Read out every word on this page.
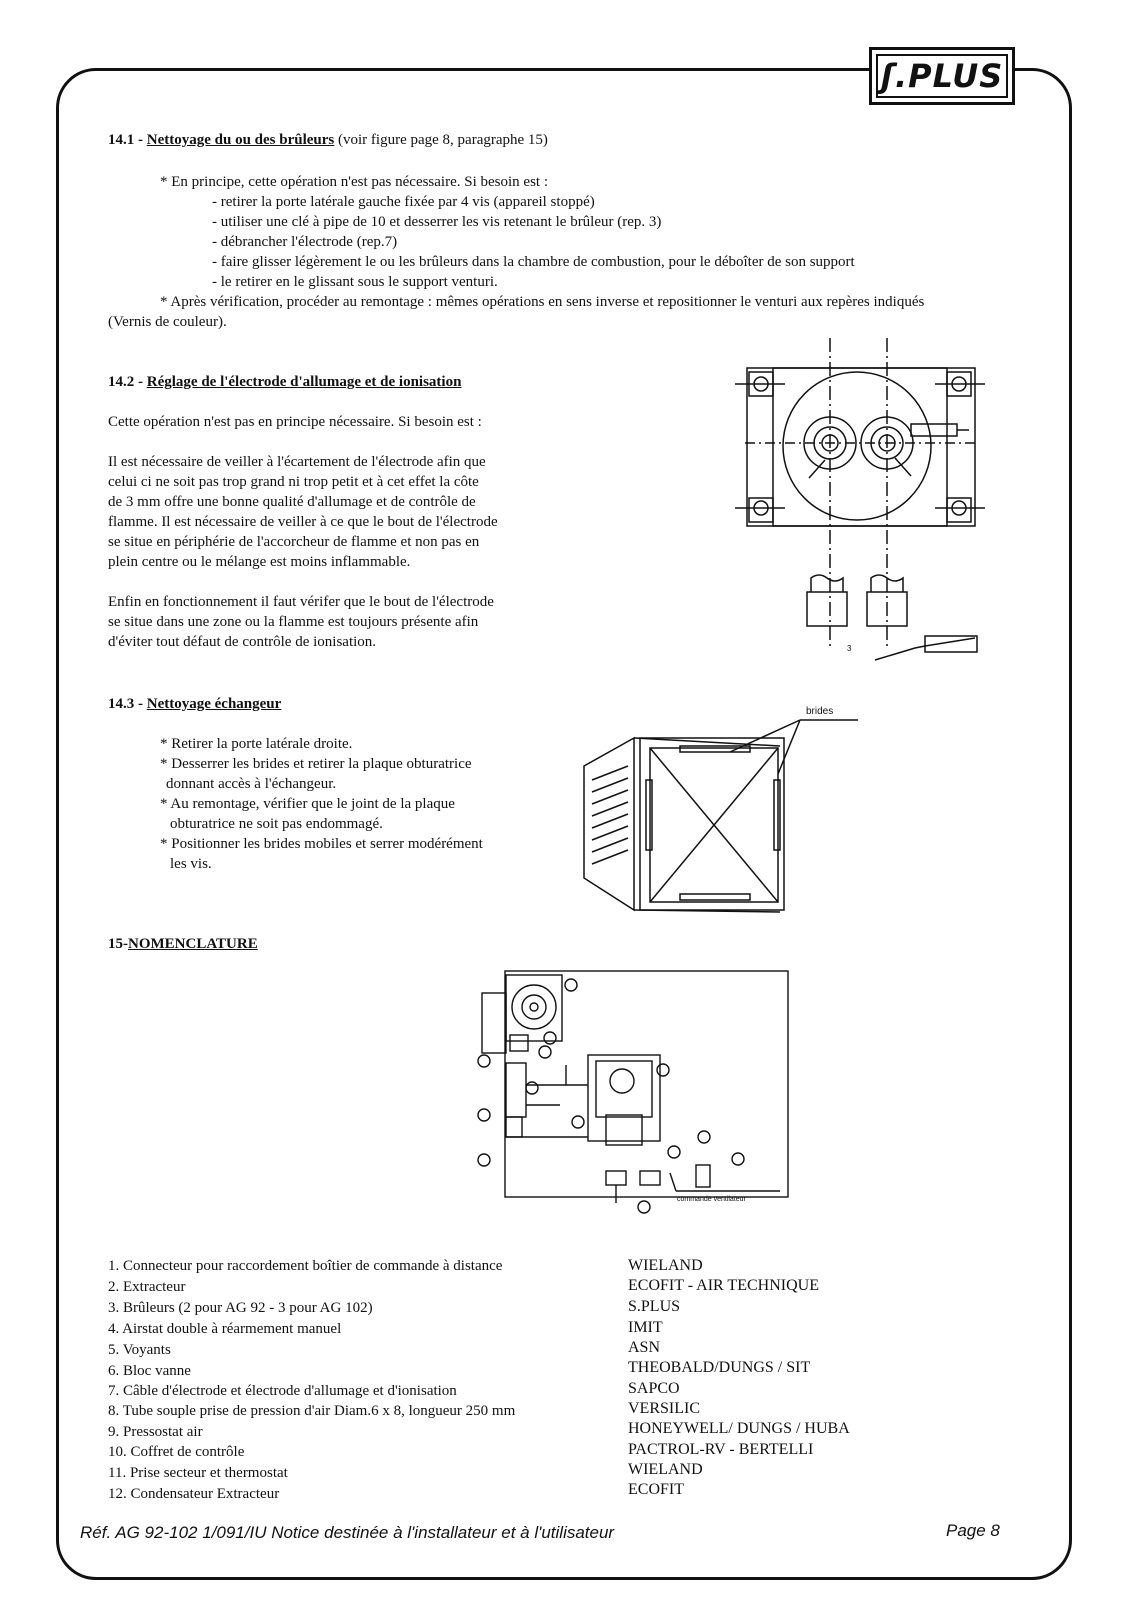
ʃ.PLUS
14.1 - Nettoyage du ou des brûleurs (voir figure page 8, paragraphe 15)
* En principe, cette opération n'est pas nécessaire. Si besoin est :
- retirer la porte latérale gauche fixée par 4 vis (appareil stoppé)
- utiliser une clé à pipe de 10 et desserrer les vis retenant le brûleur (rep. 3)
- débrancher l'électrode (rep.7)
- faire glisser légèrement le ou les brûleurs dans la chambre de combustion, pour le déboîter de son support
- le retirer en le glissant sous le support venturi.
* Après vérification, procéder au remontage : mêmes opérations en sens inverse et repositionner le venturi aux repères indiqués
(Vernis de couleur).
14.2 - Réglage de l'électrode d'allumage et de ionisation
Cette opération n'est pas en principe nécessaire. Si besoin est :
Il est nécessaire de veiller à l'écartement de l'électrode afin que
celui ci ne soit pas trop grand ni trop petit et à cet effet la côte
de 3 mm offre une bonne qualité d'allumage et de contrôle de
flamme. Il est nécessaire de veiller à ce que le bout de l'électrode
se situe en périphérie de l'accorcheur de flamme et non pas en
plein centre ou le mélange est moins inflammable.
Enfin en fonctionnement il faut vérifer que le bout de l'électrode
se situe dans une zone ou la flamme est toujours présente afin
d'éviter tout défaut de contrôle de ionisation.	3
14.3 - Nettoyage échangeur
* Retirer la porte latérale droite.
* Desserrer les brides et retirer la plaque obturatrice
donnant accès à l'échangeur.
* Au remontage, vérifier que le joint de la plaque
obturatrice ne soit pas endommagé.
* Positionner les brides mobiles et serrer modérément
les vis.
brides
15-NOMENCLATURE
commande ventilateur
1. Connecteur pour raccordement boîtier de commande à distance	WIELAND
2. Extracteur	ECOFIT - AIR TECHNIQUE
3. Brûleurs (2 pour AG 92 - 3 pour AG 102)	S.PLUS
4. Airstat double à réarmement manuel	IMIT
5. Voyants	ASN
6. Bloc vanne	THEOBALD/DUNGS / SIT
7. Câble d'électrode et électrode d'allumage et d'ionisation	SAPCO
8. Tube souple prise de pression d'air Diam.6 x 8, longueur 250 mm	VERSILIC
9. Pressostat air	HONEYWELL/ DUNGS / HUBA
10. Coffret de contrôle	PACTROL-RV - BERTELLI
11. Prise secteur et thermostat	WIELAND
12. Condensateur Extracteur	ECOFIT
Réf. AG 92-102 1/091/IU Notice destinée à l'installateur et à l'utilisateur	Page 8
